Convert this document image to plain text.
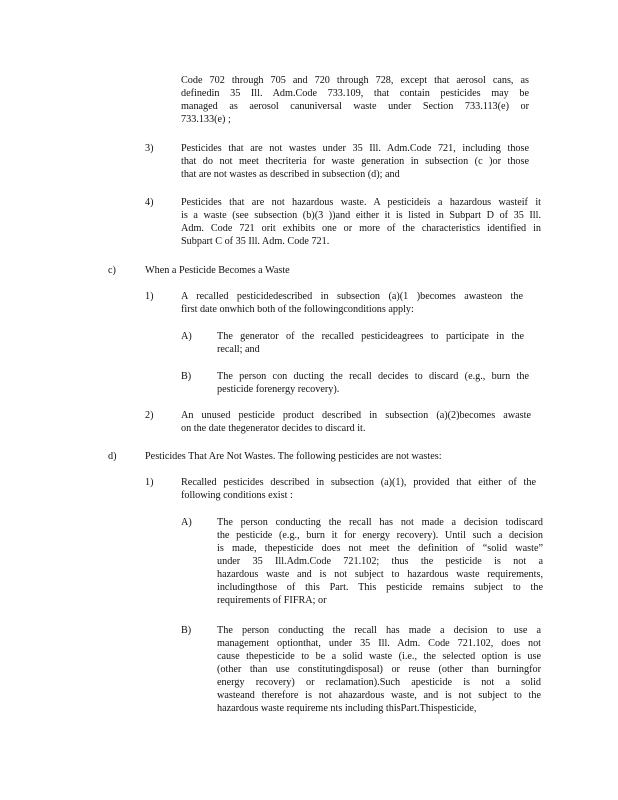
Code 702 through 705 and 720 through 728, except that aerosol cans, as
definedin 35 Ill. Adm.Code 733.109, that contain pesticides may be
managed as aerosol canuniversal waste under Section 733.113(e) or
733.133(e) ;

3)	Pesticides that are not wastes under 35 Ill. Adm.Code 721, including those
that do not meet thecriteria for waste generation in subsection (c )or those
that are not wastes as described in subsection (d); and

4)	Pesticides that are not hazardous waste. A pesticideis a hazardous wasteif it
is a waste (see subsection (b)(3 ))and either it is listed in Subpart D of 35 Ill.
Adm. Code 721 orit exhibits one or more of the characteristics identified in
Subpart C of 35 Ill. Adm. Code 721.

c)	When a Pesticide Becomes a Waste

1)	A recalled pesticidedescribed in subsection (a)(1 )becomes awasteon the
first date onwhich both of the followingconditions apply:

A) The generator of the recalled pesticideagrees to participate in the
recall; and

B)	The person con ducting the recall decides to discard (e.g., burn the
pesticide forenergy recovery).

2)	An unused pesticide product described in subsection (a)(2)becomes awaste
on the date thegenerator decides to discard it.

d)	Pesticides That Are Not Wastes. The following pesticides are not wastes:

1)	Recalled pesticides described in subsection (a)(1), provided that either of the
following conditions exist :

A) The person conducting the recall has not made a decision todiscard
the pesticide (e.g., burn it for energy recovery). Until such a decision
is made, thepesticide does not meet the definition of “solid waste”
under 35 Ill.Adm.Code 721.102; thus the pesticide is not a
hazardous waste and is not subject to hazardous waste requirements,
includingthose of this Part. This pesticide remains subject to the
requirements of FIFRA; or

B)	The person conducting the recall has made a decision to use a
management optionthat, under 35 Ill. Adm. Code 721.102, does not
cause thepesticide to be a solid waste (i.e., the selected option is use
(other than use constitutingdisposal) or reuse (other than burningfor
energy recovery) or reclamation).Such apesticide is not a solid
wasteand therefore is not ahazardous waste, and is not subject to the
hazardous waste requireme nts including thisPart.Thispesticide,
